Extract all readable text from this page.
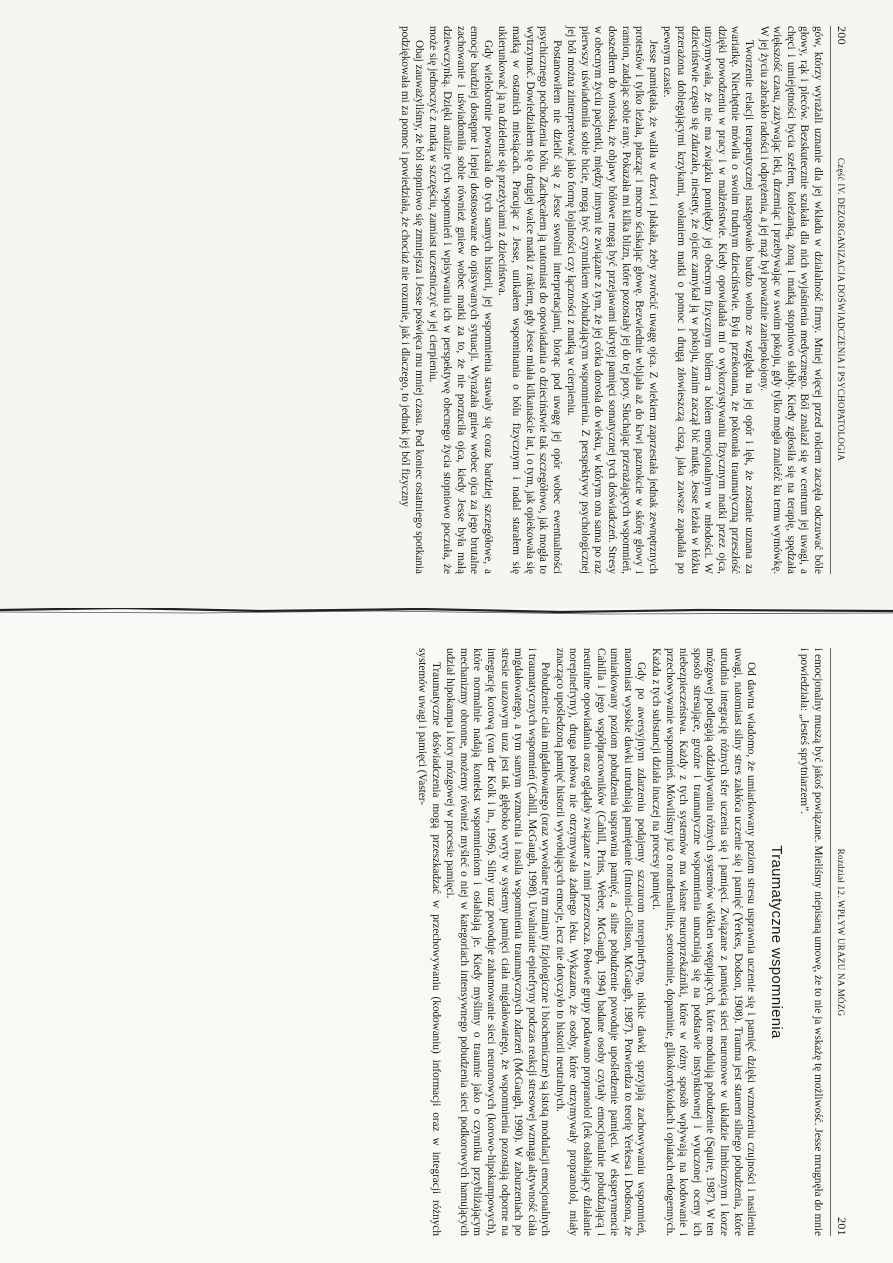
200
Część IV. DEZORGANIZACJA DOŚWIADCZENIA I PSYCHOPATOLOGIA

gów, którzy wyrażali uznanie dla jej wkładu w działalność firmy. Mniej więcej przed rokiem zaczęła odczuwać bóle głowy, rąk i pleców. Bezskutecznie szukała dla nich wyjaśnienia medycznego. Ból znalazł się w centrum jej uwagi, a chęci i umiejętności bycia szefem, koleżanką, żoną i matką stopniowo słabły. Kiedy zgłosiła się na terapię, spędzała większość czasu, zażywając leki, drzemiąc i przebywając w swoim pokoju, gdy tylko mogła znaleźć ku temu wymówkę. W jej życiu zabrakło radości i odprężenia, a jej mąż był poważnie zaniepokojony.

Tworzenie relacji terapeutycznej następowało bardzo wolno ze względu na jej opór i lęk, że zostanie uznana za wariatkę. Niechętnie mówiła o swoim trudnym dzieciństwie. Była przekonana, że pokonała traumatyczną przeszłość dzięki powodzeniu w pracy i w małżeństwie. Kiedy opowiadała mi o wykorzystywaniu fizycznym matki przez ojca, utrzymywała, że nie ma związku pomiędzy jej obecnym fizycznym bólem a bólem emocjonalnym w młodości. W dzieciństwie często się zdarzało, niestety, że ojciec zamykał ją w pokoju, zanim zaczął bić matkę. Jesse leżała w łóżku przerażona dobiegającymi krzykami, wołaniem matki o pomoc i drugą złowieszczą ciszą, jaka zawsze zapadała po pewnym czasie.

Jesse pamiętała, że waliła w drzwi i płakała, żeby zwrócić uwagę ojca. Z wiekiem zaprzestała jednak zewnętrznych protestów i tylko leżała, płacząc i mocno ściskając głowę. Bezwiednie wbijała aż do krwi paznokcie w skórę głowy i ramion, zadając sobie rany. Pokazała mi kilka blizn, które pozostały jej do tej pory. Słuchając przerażających wspomnień, doszedłem do wniosku, że objawy bólowe mogą być przejawami ukrytej pamięci somatycznej tych doświadczeń. Stresy w obecnym życiu pacjentki, między innymi te związane z tym, że jej córka dorosła do wieku, w którym ona sama po raz pierwszy uświadomiła sobie bicie, mogą być czynnikiem wzbudzającym wspomnienia. Z perspektywy psychologicznej jej ból można zinterpretować jako formę lojalności czy łączności z matką w cierpieniu.

Postanowiłem nie dzielić się z Jesse swoimi interpretacjami, biorąc pod uwagę jej opór wobec ewentualności psychicznego pochodzenia bólu. Zachęcałem ją natomiast do opowiadania o dzieciństwie tak szczegółowo, jak mogła to wytrzymać. Dowiedziałem się o drugiej walce matki z rakiem, gdy Jesse miała kilkanaście lat, i o tym, jak opiekowała się matką w ostatnich miesiącach. Pracując z Jesse, unikałem wspominania o bólu fizycznym i nadal starałem się ukierunkować ją na dzielenie się przeżyciami z dzieciństwa.

Gdy wielokrotnie powracała do tych samych historii, jej wspomnienia stawały się coraz bardziej szczegółowe, a emocje bardziej dostępne i lepiej dostosowane do opisywanych sytuacji. Wyrażała gniew wobec ojca za jego brutalne zachowanie i uświadomiła sobie również gniew wobec matki za to, że nie porzuciła ojca, kiedy Jesse była małą dziewczynką. Dzięki analizie tych wspomnień i wpisywaniu ich w perspektywę obecnego życia stopniowo poczuła, że może się jednoczyć z matką w szczęściu, zamiast uczestniczyć w jej cierpieniu.

Obaj zauważyliśmy, że ból stopniowo się zmniejsza i Jesse poświęca mu mniej czasu. Pod koniec ostatniego spotkania podziękowała mi za pomoc i powiedziała, że chociaż nie rozumie, jak i dlaczego, to jednak jej ból fizyczny

Rozdział 12. WPŁYW URAZU NA MÓZG
201

i emocjonalny muszą być jakoś powiązane. Mieliśmy niepisaną umowę, że to nie ja wskażę tę możliwość. Jesse mrugnęła do mnie i powiedziała: „Jesteś sprytniarzem”.

Traumatyczne wspomnienia

Od dawna wiadomo, że umiarkowany poziom stresu usprawnia uczenie się i pamięć dzięki wzmożeniu czujności i nasileniu uwagi, natomiast silny stres zakłóca uczenie się i pamięć (Yerkes, Dodson, 1908). Trauma jest stanem silnego pobudzenia, które utrudnia integrację różnych sfer uczenia się i pamięci. Związane z pamięcią sieci neuronowe w układzie limbicznym i korze mózgowej podlegają oddziaływaniu różnych systemów włókien wstępujących, które modulują pobudzenie (Squire, 1987). W ten sposób stresujące, groźne i traumatyczne wspomnienia umacniają się na podstawie instynktownej i wyuczonej oceny ich niebezpieczeństwa. Każdy z tych systemów ma własne neuroprzekaźniki, które w różny sposób wpływają na kodowanie i przechowywanie wspomnień. Mówiliśmy już o noradrenalinie, serotoninie, dopaminie, glikokortykoidach i opiatach endogennych. Każda z tych substancji działa inaczej na procesy pamięci.

Gdy po awersyjnym zdarzeniu podajemy szczurom norepinefrynę, niskie dawki sprzyjają zachowywaniu wspomnień, natomiast wysokie dawki utrudniają pamiętanie (Introini-Collison, McGaugh, 1987). Potwierdza to teorię Yerkesa i Dodsona, że umiarkowany poziom pobudzenia usprawnia pamięć, a silne pobudzenie powoduje upośledzenie pamięci. W eksperymencie Cahilla i jego współpracowników (Cahill, Prins, Weber, McGaugh, 1994) badane osoby czytały emocjonalnie pobudzającą i neutralne opowiadania oraz oglądały związane z nimi przezrocza. Połowie grupy podawano propranolol (lek osłabiający działanie norepinefryny), druga połowa nie otrzymywała żadnego leku. Wykazano, że osoby, które otrzymywały propranolol, miały znacząco upośledzoną pamięć historii wywołujących emocje, lecz nie dotyczyło to historii neutralnych.

Pobudzenie ciała migdałowatego (oraz wywołane tym zmiany fizjologiczne i biochemiczne) są istotą modulacji emocjonalnych i traumatycznych wspomnień (Cahill, McGaugh, 1998). Uwalnianie epinefryny podczas reakcji stresowej wzmaga aktywność ciała migdałowatego, a tym samym wzmacnia i nasila wspomnienia traumatycznych zdarzeń (McGaugh, 1990). W zaburzeniach po stresie urazowym uraz jest tak głęboko wryty w systemy pamięci ciała migdałowatego, że wspomnienia pozostają odporne na integrację korową (van der Kolk i in., 1996). Silny uraz powoduje zahamowanie sieci neuronowych (korowo-hipokampowych), które normalnie nadają kontekst wspomnieniom i osłabiają je. Kiedy myślimy o traumie jako o czynniku przybliżającym mechanizmy obronne, możemy również myśleć o niej w kategoriach intensywnego pobudzenia sieci podkorowych hamujących udział hipokampa i kory mózgowej w procesie pamięci.

Traumatyczne doświadczenia mogą przeszkadzać w przechowywaniu (kodowaniu) informacji oraz w integracji różnych systemów uwagi i pamięci (Vaster-
